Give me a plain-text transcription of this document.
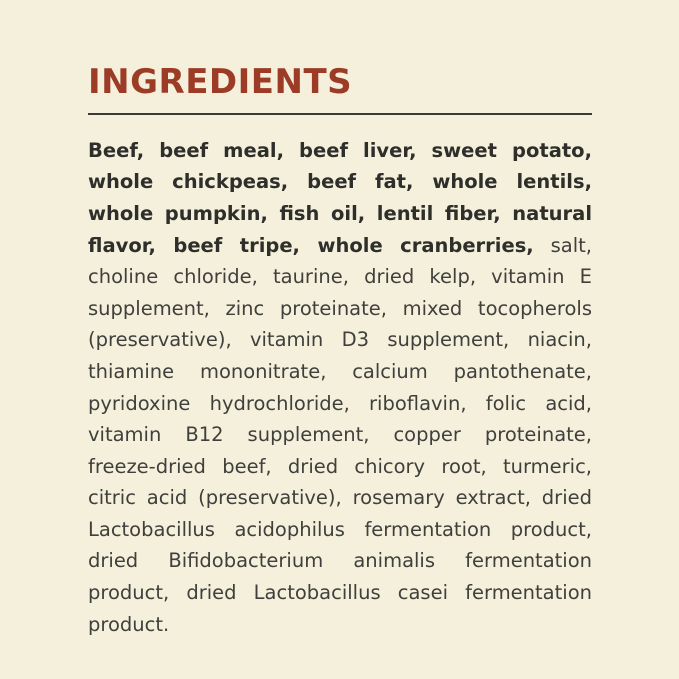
INGREDIENTS

Beef, beef meal, beef liver, sweet potato, whole chickpeas, beef fat, whole lentils, whole pumpkin, fish oil, lentil fiber, natural flavor, beef tripe, whole cranberries, salt, choline chloride, taurine, dried kelp, vitamin E supplement, zinc proteinate, mixed tocopherols (preservative), vitamin D3 supplement, niacin, thiamine mononitrate, calcium pantothenate, pyridoxine hydrochloride, riboflavin, folic acid, vitamin B12 supplement, copper proteinate, freeze-dried beef, dried chicory root, turmeric, citric acid (preservative), rosemary extract, dried Lactobacillus acidophilus fermentation product, dried Bifidobacterium animalis fermentation product, dried Lactobacillus casei fermentation product.
